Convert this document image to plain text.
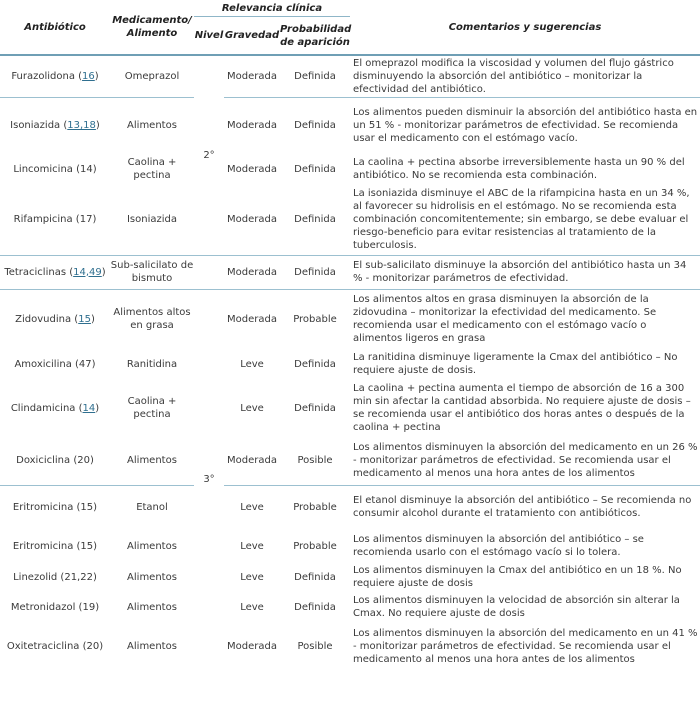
Antibiótico	Medicamento/ Alimento	Relevancia clínica			Comentarios y sugerencias
		Nivel	Gravedad	Probabilidad de aparición	
Furazolidona (16)	Omeprazol	2°	Moderada	Definida	El omeprazol modifica la viscosidad y volumen del flujo gástrico disminuyendo la absorción del antibiótico – monitorizar la efectividad del antibiótico.
Isoniazida (13,18)	Alimentos		Moderada	Definida	Los alimentos pueden disminuir la absorción del antibiótico hasta en un 51 % - monitorizar parámetros de efectividad. Se recomienda usar el medicamento con el estómago vacío.
Lincomicina (14)	Caolina + pectina		Moderada	Definida	La caolina + pectina absorbe irreversiblemente hasta un 90 % del antibiótico. No se recomienda esta combinación.
Rifampicina (17)	Isoniazida		Moderada	Definida	La isoniazida disminuye el ABC de la rifampicina hasta en un 34 %, al favorecer su hidrolisis en el estómago. No se recomienda esta combinación concomitentemente; sin embargo, se debe evaluar el riesgo-beneficio para evitar resistencias al tratamiento de la tuberculosis.
Tetraciclinas (14,49)	Sub-salicilato de bismuto		Moderada	Definida	El sub-salicilato disminuye la absorción del antibiótico hasta un 34 % - monitorizar parámetros de efectividad.
Zidovudina (15)	Alimentos altos en grasa	3°	Moderada	Probable	Los alimentos altos en grasa disminuyen la absorción de la zidovudina – monitorizar la efectividad del medicamento. Se recomienda usar el medicamento con el estómago vacío o alimentos ligeros en grasa
Amoxicilina (47)	Ranitidina		Leve	Definida	La ranitidina disminuye ligeramente la Cmax del antibiótico – No requiere ajuste de dosis.
Clindamicina (14)	Caolina + pectina		Leve	Definida	La caolina + pectina aumenta el tiempo de absorción de 16 a 300 min sin afectar la cantidad absorbida. No requiere ajuste de dosis – se recomienda usar el antibiótico dos horas antes o después de la caolina + pectina
Doxiciclina (20)	Alimentos		Moderada	Posible	Los alimentos disminuyen la absorción del medicamento en un 26 % - monitorizar parámetros de efectividad. Se recomienda usar el medicamento al menos una hora antes de los alimentos
Eritromicina (15)	Etanol		Leve	Probable	El etanol disminuye la absorción del antibiótico – Se recomienda no consumir alcohol durante el tratamiento con antibióticos.
Eritromicina (15)	Alimentos		Leve	Probable	Los alimentos disminuyen la absorción del antibiótico – se recomienda usarlo con el estómago vacío si lo tolera.
Linezolid (21,22)	Alimentos		Leve	Definida	Los alimentos disminuyen la Cmax del antibiótico en un 18 %. No requiere ajuste de dosis
Metronidazol (19)	Alimentos		Leve	Definida	Los alimentos disminuyen la velocidad de absorción sin alterar la Cmax. No requiere ajuste de dosis
Oxitetraciclina (20)	Alimentos		Moderada	Posible	Los alimentos disminuyen la absorción del medicamento en un 41 % - monitorizar parámetros de efectividad. Se recomienda usar el medicamento al menos una hora antes de los alimentos
